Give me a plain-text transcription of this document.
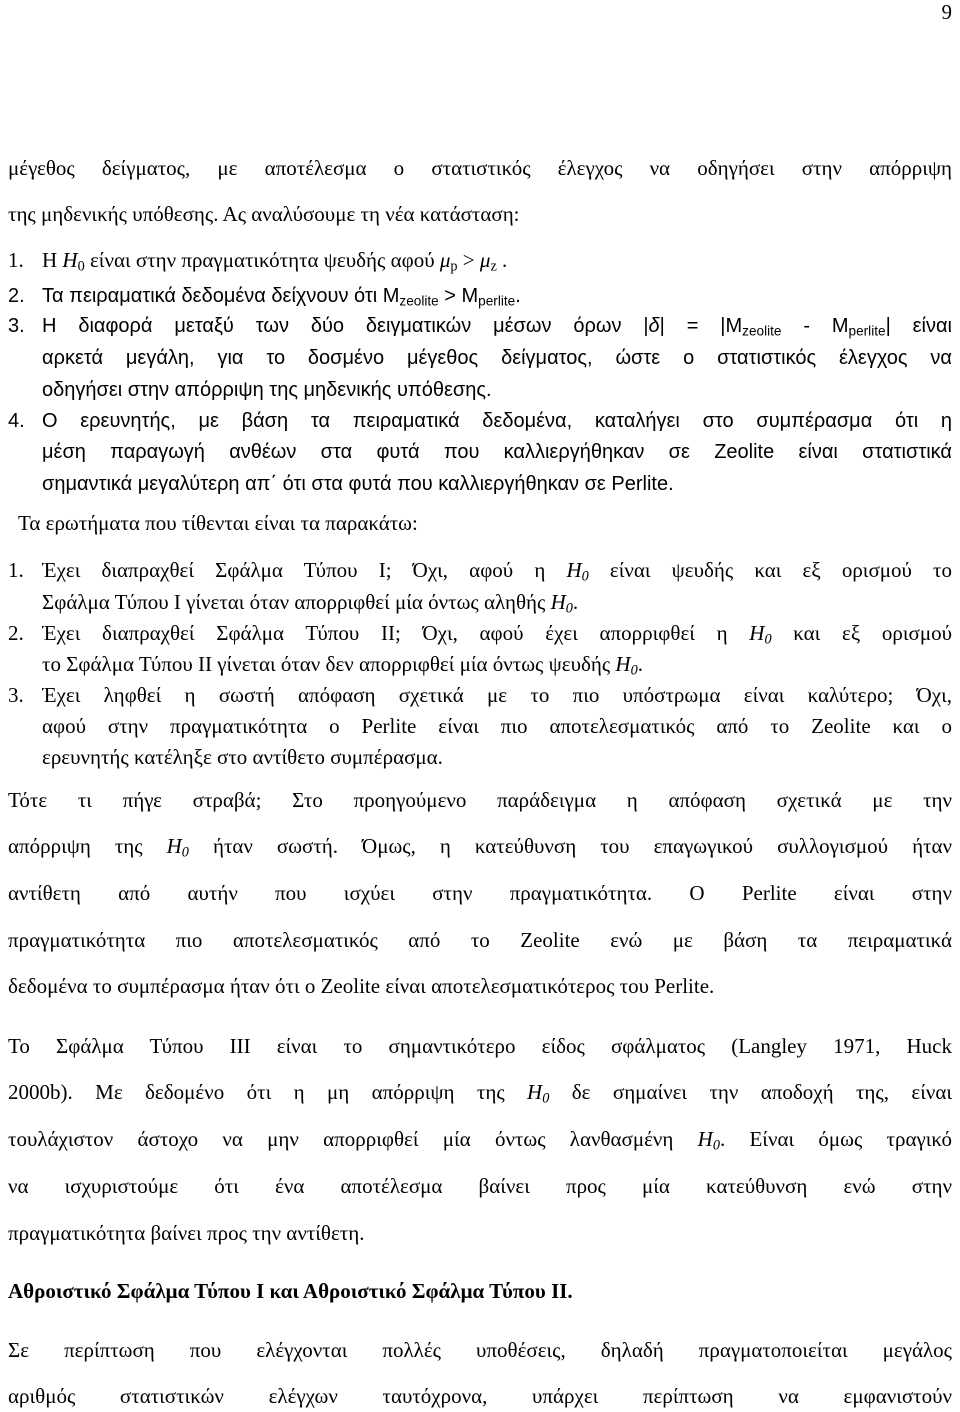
9
μέγεθος δείγματος, με αποτέλεσμα ο στατιστικός έλεγχος να οδηγήσει στην απόρριψη
της μηδενικής υπόθεσης. Ας αναλύσουμε τη νέα κατάσταση:
1. Η $H_0$ είναι στην πραγματικότητα ψευδής αφού $\mu_p > \mu_z$ .
2. Τα πειραματικά δεδομένα δείχνουν ότι $M_{zeolite} > M_{perlite}$.
3. Η διαφορά μεταξύ των δύο δειγματικών μέσων όρων $|\delta| = |M_{zeolite} - M_{perlite}|$ είναι
αρκετά μεγάλη, για το δοσμένο μέγεθος δείγματος, ώστε ο στατιστικός έλεγχος να
οδηγήσει στην απόρριψη της μηδενικής υπόθεσης.
4. Ο ερευνητής, με βάση τα πειραματικά δεδομένα, καταλήγει στο συμπέρασμα ότι η
μέση παραγωγή ανθέων στα φυτά που καλλιεργήθηκαν σε Zeolite είναι στατιστικά
σημαντικά μεγαλύτερη απ΄ ότι στα φυτά που καλλιεργήθηκαν σε Perlite.
Τα ερωτήματα που τίθενται είναι τα παρακάτω:
1. Έχει διαπραχθεί Σφάλμα Τύπου Ι; Όχι, αφού η $H_0$ είναι ψευδής και εξ ορισμού το
Σφάλμα Τύπου Ι γίνεται όταν απορριφθεί μία όντως αληθής $H_0$.
2. Έχει διαπραχθεί Σφάλμα Τύπου ΙΙ; Όχι, αφού έχει απορριφθεί η $H_0$ και εξ ορισμού
το Σφάλμα Τύπου ΙΙ γίνεται όταν δεν απορριφθεί μία όντως ψευδής $H_0$.
3. Έχει ληφθεί η σωστή απόφαση σχετικά με το πιο υπόστρωμα είναι καλύτερο; Όχι,
αφού στην πραγματικότητα ο Perlite είναι πιο αποτελεσματικός από το Zeolite και ο
ερευνητής κατέληξε στο αντίθετο συμπέρασμα.
Τότε τι πήγε στραβά; Στο προηγούμενο παράδειγμα η απόφαση σχετικά με την
απόρριψη της $H_0$ ήταν σωστή. Όμως, η κατεύθυνση του επαγωγικού συλλογισμού ήταν
αντίθετη από αυτήν που ισχύει στην πραγματικότητα. Ο Perlite είναι στην
πραγματικότητα πιο αποτελεσματικός από το Zeolite ενώ με βάση τα πειραματικά
δεδομένα το συμπέρασμα ήταν ότι ο Zeolite είναι αποτελεσματικότερος του Perlite.
Το Σφάλμα Τύπου ΙΙΙ είναι το σημαντικότερο είδος σφάλματος (Langley 1971, Huck
2000b). Με δεδομένο ότι η μη απόρριψη της $H_0$ δε σημαίνει την αποδοχή της, είναι
τουλάχιστον άστοχο να μην απορριφθεί μία όντως λανθασμένη $H_0$. Είναι όμως τραγικό
να ισχυριστούμε ότι ένα αποτέλεσμα βαίνει προς μία κατεύθυνση ενώ στην
πραγματικότητα βαίνει προς την αντίθετη.
Αθροιστικό Σφάλμα Τύπου Ι και Αθροιστικό Σφάλμα Τύπου ΙΙ.
Σε περίπτωση που ελέγχονται πολλές υποθέσεις, δηλαδή πραγματοποιείται μεγάλος
αριθμός στατιστικών ελέγχων ταυτόχρονα, υπάρχει περίπτωση να εμφανιστούν
